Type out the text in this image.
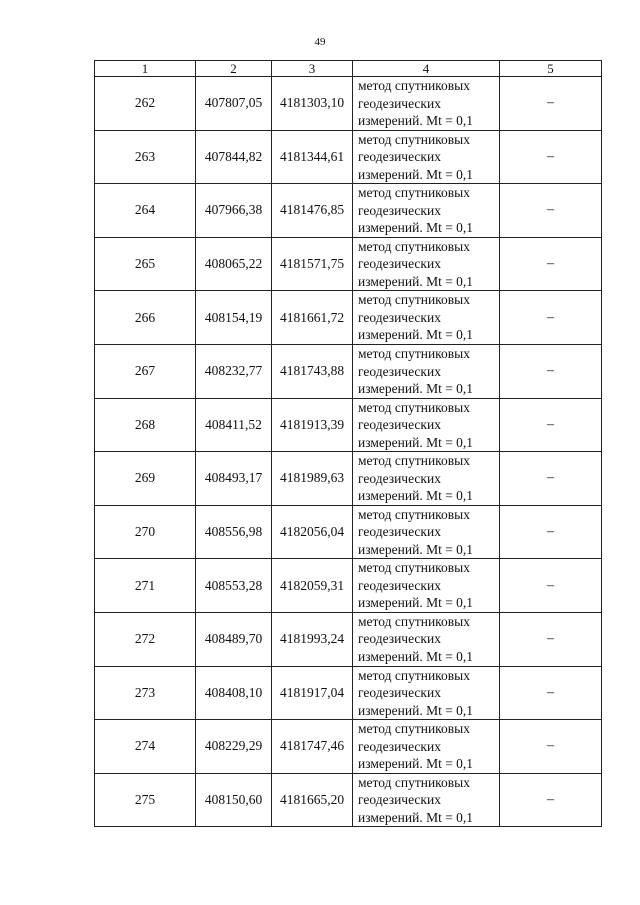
49
1	2	3	4	5
262	407807,05	4181303,10	метод спутниковых
геодезических
измерений. Mt = 0,1	–
263	407844,82	4181344,61	метод спутниковых
геодезических
измерений. Mt = 0,1	–
264	407966,38	4181476,85	метод спутниковых
геодезических
измерений. Mt = 0,1	–
265	408065,22	4181571,75	метод спутниковых
геодезических
измерений. Mt = 0,1	–
266	408154,19	4181661,72	метод спутниковых
геодезических
измерений. Mt = 0,1	–
267	408232,77	4181743,88	метод спутниковых
геодезических
измерений. Mt = 0,1	–
268	408411,52	4181913,39	метод спутниковых
геодезических
измерений. Mt = 0,1	–
269	408493,17	4181989,63	метод спутниковых
геодезических
измерений. Mt = 0,1	–
270	408556,98	4182056,04	метод спутниковых
геодезических
измерений. Mt = 0,1	–
271	408553,28	4182059,31	метод спутниковых
геодезических
измерений. Mt = 0,1	–
272	408489,70	4181993,24	метод спутниковых
геодезических
измерений. Mt = 0,1	–
273	408408,10	4181917,04	метод спутниковых
геодезических
измерений. Mt = 0,1	–
274	408229,29	4181747,46	метод спутниковых
геодезических
измерений. Mt = 0,1	–
275	408150,60	4181665,20	метод спутниковых
геодезических
измерений. Mt = 0,1	–
